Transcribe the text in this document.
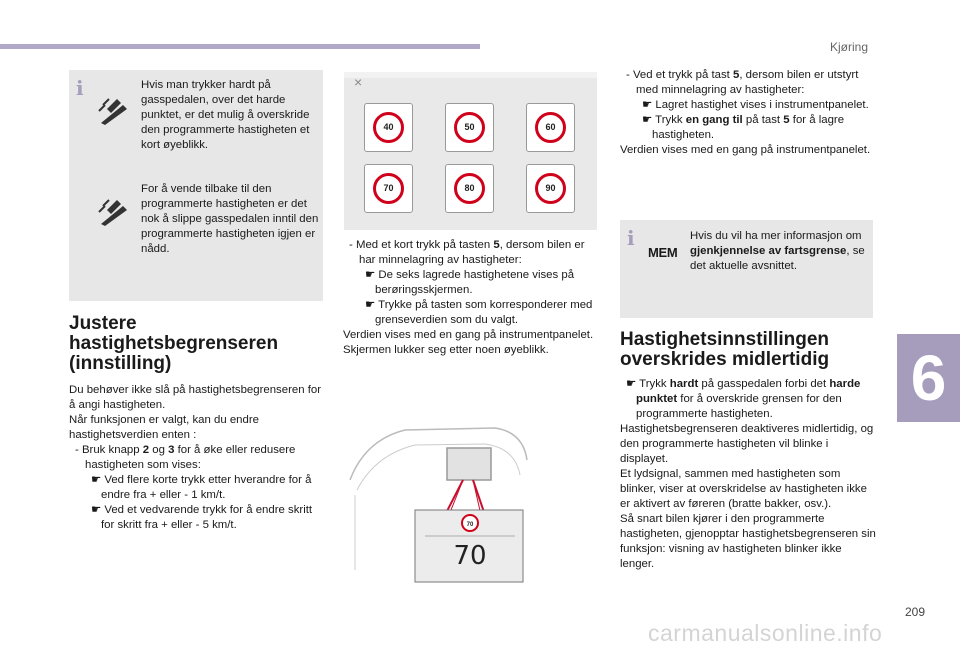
Kjøring
6
209
carmanualsonline.info
i	Hvis man trykker hardt på gasspedalen, over det harde punktet, er det mulig å overskride den programmerte hastigheten et kort øyeblikk.

For å vende tilbake til den programmerte hastigheten er det nok å slippe gasspedalen inntil den programmerte hastigheten igjen er nådd.

Justere
hastighetsbegrenseren
(innstilling)

Du behøver ikke slå på hastighetsbegrenseren for å angi hastigheten.

Når funksjonen er valgt, kan du endre hastighetsverdien enten :

- Bruk knapp 2 og 3 for å øke eller redusere hastigheten som vises:

☛ Ved flere korte trykk etter hverandre for å endre fra + eller - 1 km/t.

☛ Ved et vedvarende trykk for å endre skritt for skritt fra + eller - 5 km/t.

×
40	50	60
70	80	90

- Med et kort trykk på tasten 5, dersom bilen er har minnelagring av hastigheter:

☛ De seks lagrede hastighetene vises på berøringsskjermen.

☛ Trykke på tasten som korresponderer med grenseverdien som du valgt.

Verdien vises med en gang på instrumentpanelet.

Skjermen lukker seg etter noen øyeblikk.

70
70

- Ved et trykk på tast 5, dersom bilen er utstyrt med minnelagring av hastigheter:

☛ Lagret hastighet vises i instrumentpanelet.

☛ Trykk en gang til på tast 5 for å lagre hastigheten.

Verdien vises med en gang på instrumentpanelet.

i
MEM

Hvis du vil ha mer informasjon om gjenkjennelse av fartsgrense, se det aktuelle avsnittet.

Hastighetsinnstillingen
overskrides midlertidig

☛ Trykk hardt på gasspedalen forbi det harde punktet for å overskride grensen for den programmerte hastigheten.

Hastighetsbegrenseren deaktiveres midlertidig, og den programmerte hastigheten vil blinke i displayet.

Et lydsignal, sammen med hastigheten som blinker, viser at overskridelse av hastigheten ikke er aktivert av føreren (bratte bakker, osv.).

Så snart bilen kjører i den programmerte hastigheten, gjenopptar hastighetsbegrenseren sin funksjon: visning av hastigheten blinker ikke lenger.
